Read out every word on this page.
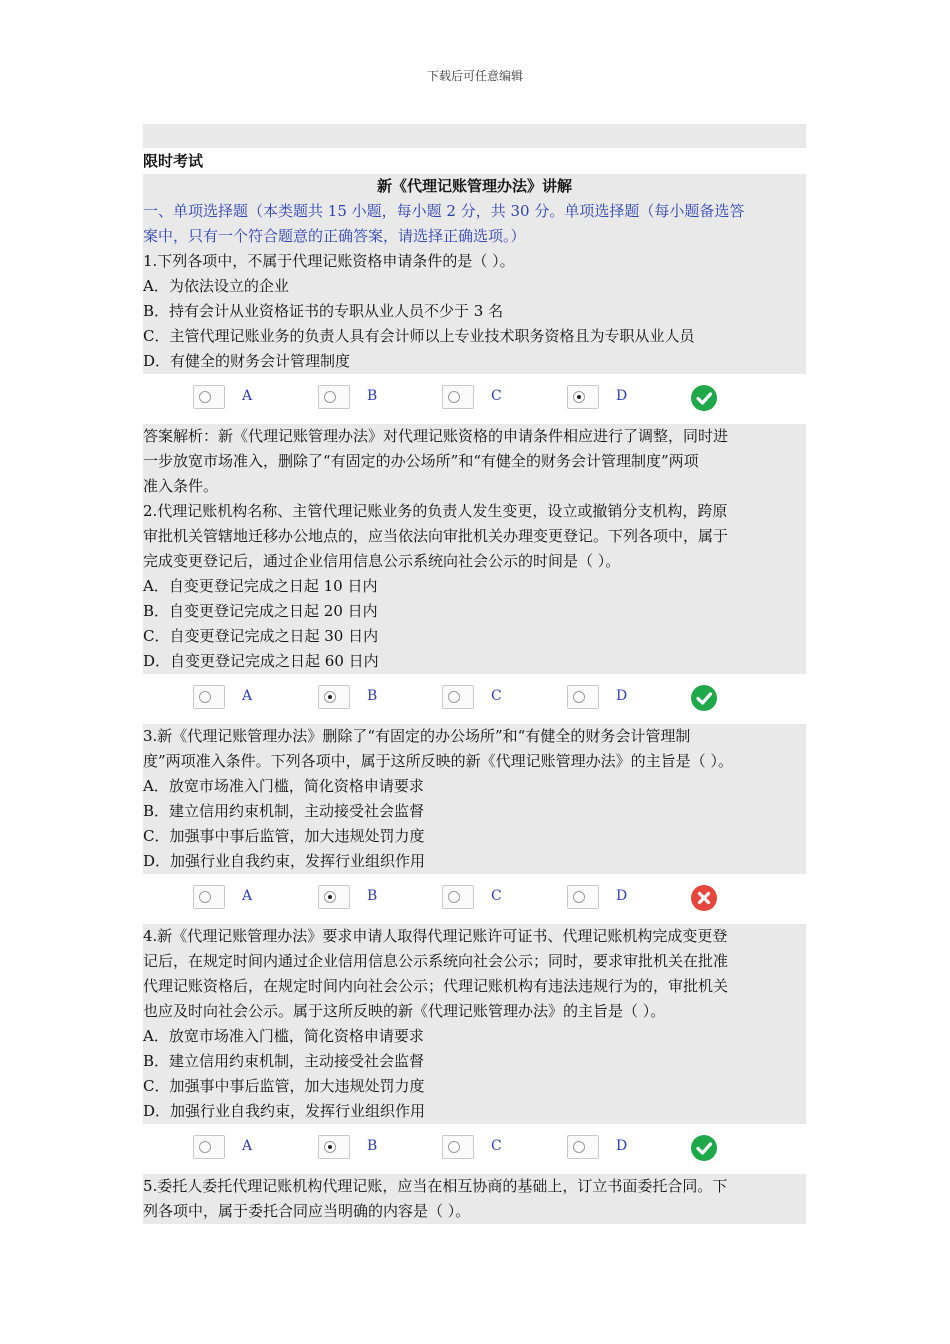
下载后可任意编辑
限时考试
新《代理记账管理办法》讲解
一、单项选择题（本类题共 15 小题，每小题 2 分，共 30 分。单项选择题（每小题备选答
案中，只有一个符合题意的正确答案，请选择正确选项。）
1.下列各项中，不属于代理记账资格申请条件的是（ ）。
A．为依法设立的企业
B．持有会计从业资格证书的专职从业人员不少于 3 名
C．主管代理记账业务的负责人具有会计师以上专业技术职务资格且为专职从业人员
D．有健全的财务会计管理制度
A	B	C	D
答案解析：新《代理记账管理办法》对代理记账资格的申请条件相应进行了调整，同时进
一步放宽市场准入，删除了“有固定的办公场所”和“有健全的财务会计管理制度”两项
准入条件。
2.代理记账机构名称、主管代理记账业务的负责人发生变更，设立或撤销分支机构，跨原
审批机关管辖地迁移办公地点的，应当依法向审批机关办理变更登记。下列各项中，属于
完成变更登记后，通过企业信用信息公示系统向社会公示的时间是（ ）。
A．自变更登记完成之日起 10 日内
B．自变更登记完成之日起 20 日内
C．自变更登记完成之日起 30 日内
D．自变更登记完成之日起 60 日内
A	B	C	D
3.新《代理记账管理办法》删除了“有固定的办公场所”和“有健全的财务会计管理制
度”两项准入条件。下列各项中，属于这所反映的新《代理记账管理办法》的主旨是（ ）。
A．放宽市场准入门槛，简化资格申请要求
B．建立信用约束机制，主动接受社会监督
C．加强事中事后监管，加大违规处罚力度
D．加强行业自我约束，发挥行业组织作用
A	B	C	D
4.新《代理记账管理办法》要求申请人取得代理记账许可证书、代理记账机构完成变更登
记后，在规定时间内通过企业信用信息公示系统向社会公示；同时，要求审批机关在批准
代理记账资格后，在规定时间内向社会公示；代理记账机构有违法违规行为的，审批机关
也应及时向社会公示。属于这所反映的新《代理记账管理办法》的主旨是（ ）。
A．放宽市场准入门槛，简化资格申请要求
B．建立信用约束机制，主动接受社会监督
C．加强事中事后监管，加大违规处罚力度
D．加强行业自我约束，发挥行业组织作用
A	B	C	D
5.委托人委托代理记账机构代理记账，应当在相互协商的基础上，订立书面委托合同。下
列各项中，属于委托合同应当明确的内容是（ ）。
